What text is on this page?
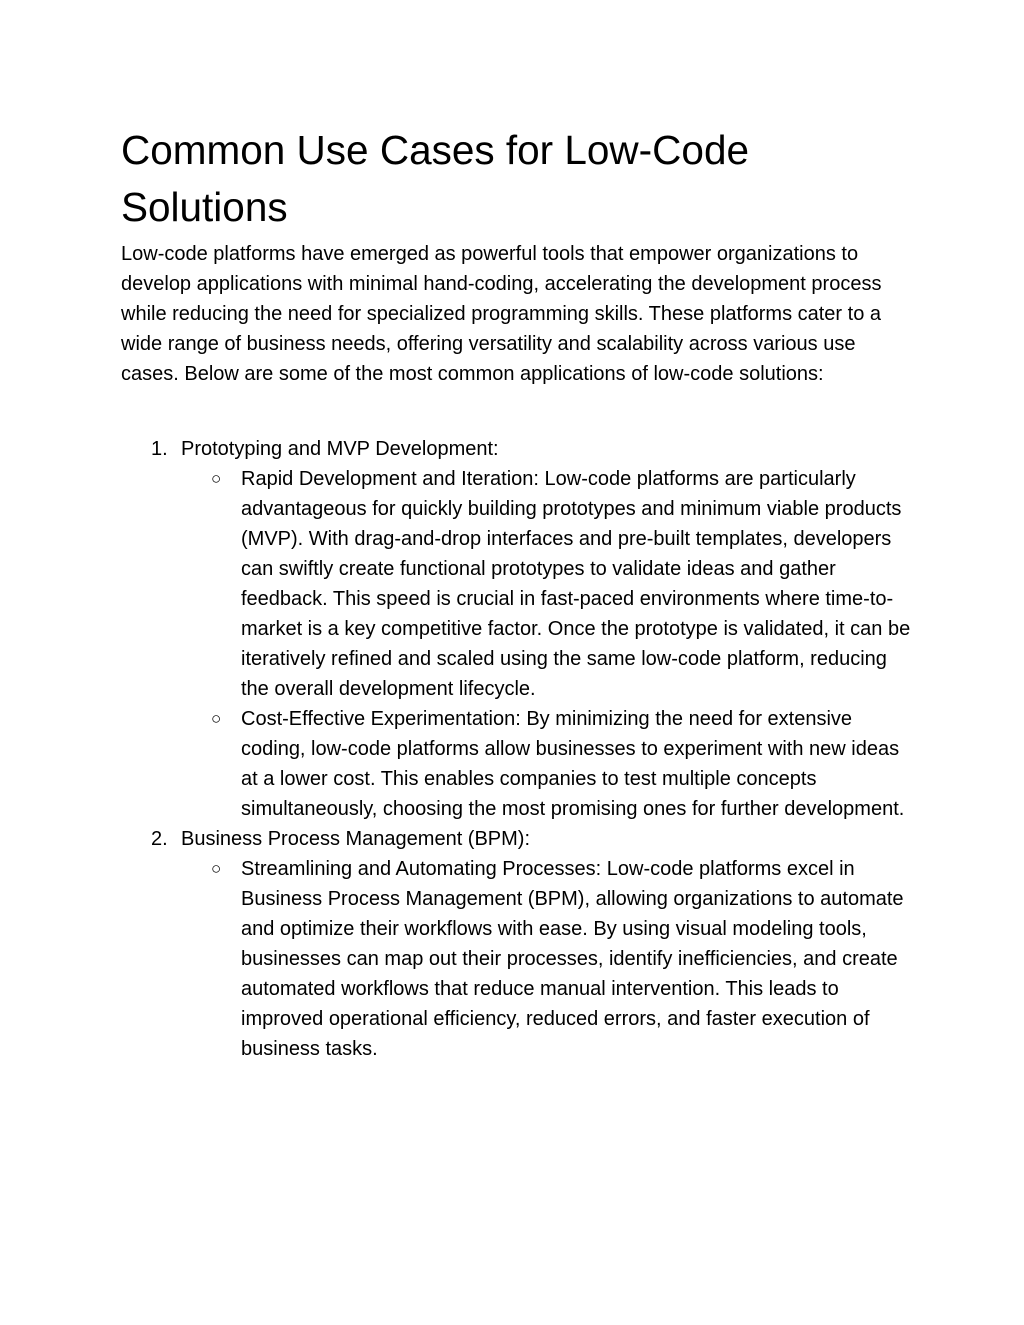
Common Use Cases for Low-Code Solutions

Low-code platforms have emerged as powerful tools that empower organizations to develop applications with minimal hand-coding, accelerating the development process while reducing the need for specialized programming skills. These platforms cater to a wide range of business needs, offering versatility and scalability across various use cases. Below are some of the most common applications of low-code solutions:

1. Prototyping and MVP Development:
○ Rapid Development and Iteration: Low-code platforms are particularly advantageous for quickly building prototypes and minimum viable products (MVP). With drag-and-drop interfaces and pre-built templates, developers can swiftly create functional prototypes to validate ideas and gather feedback. This speed is crucial in fast-paced environments where time-to-market is a key competitive factor. Once the prototype is validated, it can be iteratively refined and scaled using the same low-code platform, reducing the overall development lifecycle.
○ Cost-Effective Experimentation: By minimizing the need for extensive coding, low-code platforms allow businesses to experiment with new ideas at a lower cost. This enables companies to test multiple concepts simultaneously, choosing the most promising ones for further development.
2. Business Process Management (BPM):
○ Streamlining and Automating Processes: Low-code platforms excel in Business Process Management (BPM), allowing organizations to automate and optimize their workflows with ease. By using visual modeling tools, businesses can map out their processes, identify inefficiencies, and create automated workflows that reduce manual intervention. This leads to improved operational efficiency, reduced errors, and faster execution of business tasks.
